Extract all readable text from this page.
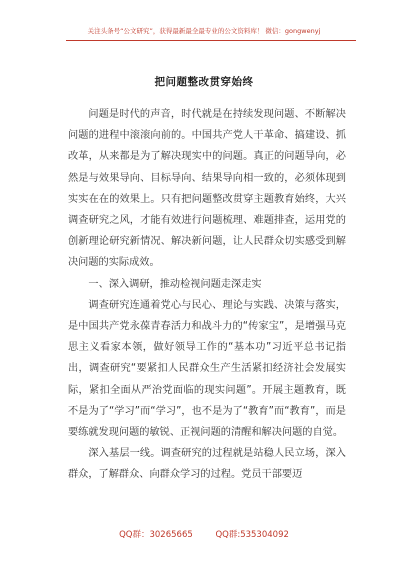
关注头条号“公文研究”，获得最新最全最专业的公文资料库！ 微信：gongwenyj
把问题整改贯穿始终

问题是时代的声音，时代就是在持续发现问题、不断解决问题的进程中滚滚向前的。中国共产党人干革命、搞建设、抓改革，从来都是为了解决现实中的问题。真正的问题导向，必然是与效果导向、目标导向、结果导向相一致的，必须体现到实实在在的效果上。只有把问题整改贯穿主题教育始终，大兴调查研究之风，才能有效进行问题梳理、难题排查，运用党的创新理论研究新情况、解决新问题，让人民群众切实感受到解决问题的实际成效。

一、深入调研，推动检视问题走深走实

调查研究连通着党心与民心、理论与实践、决策与落实，是中国共产党永葆青春活力和战斗力的“传家宝”，是增强马克思主义看家本领，做好领导工作的“基本功”习近平总书记指出，调查研究“要紧扣人民群众生产生活紧扣经济社会发展实际，紧扣全面从严治党面临的现实问题”。开展主题教育，既不是为了“学习”而“学习”，也不是为了“教育”而“教育”，而是要练就发现问题的敏锐、正视问题的清醒和解决问题的自觉。

深入基层一线。调查研究的过程就是站稳人民立场，深入群众，了解群众、向群众学习的过程。党员干部要迈

QQ群：30265665	QQ群:535304092
